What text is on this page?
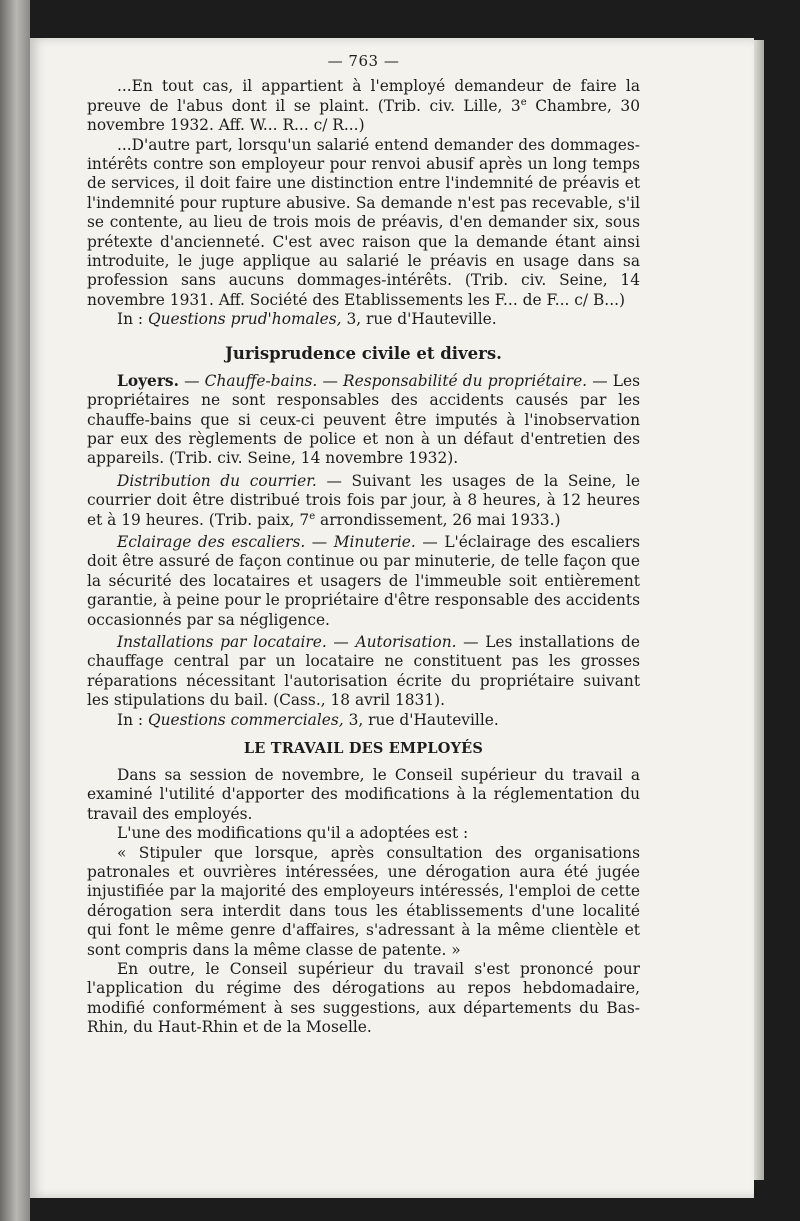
— 763 —

...En tout cas, il appartient à l'employé demandeur de faire la preuve de l'abus dont il se plaint. (Trib. civ. Lille, 3e Chambre, 30 novembre 1932. Aff. W... R... c/ R...)

...D'autre part, lorsqu'un salarié entend demander des dommages-intérêts contre son employeur pour renvoi abusif après un long temps de services, il doit faire une distinction entre l'indemnité de préavis et l'indemnité pour rupture abusive. Sa demande n'est pas recevable, s'il se contente, au lieu de trois mois de préavis, d'en demander six, sous prétexte d'ancienneté. C'est avec raison que la demande étant ainsi introduite, le juge applique au salarié le préavis en usage dans sa profession sans aucuns dommages-intérêts. (Trib. civ. Seine, 14 novembre 1931. Aff. Société des Etablissements les F... de F... c/ B...)

In : Questions prud'homales, 3, rue d'Hauteville.

Jurisprudence civile et divers.

Loyers. — Chauffe-bains. — Responsabilité du propriétaire. — Les propriétaires ne sont responsables des accidents causés par les chauffe-bains que si ceux-ci peuvent être imputés à l'inobservation par eux des règlements de police et non à un défaut d'entretien des appareils. (Trib. civ. Seine, 14 novembre 1932).

Distribution du courrier. — Suivant les usages de la Seine, le courrier doit être distribué trois fois par jour, à 8 heures, à 12 heures et à 19 heures. (Trib. paix, 7e arrondissement, 26 mai 1933.)

Eclairage des escaliers. — Minuterie. — L'éclairage des escaliers doit être assuré de façon continue ou par minuterie, de telle façon que la sécurité des locataires et usagers de l'immeuble soit entièrement garantie, à peine pour le propriétaire d'être responsable des accidents occasionnés par sa négligence.

Installations par locataire. — Autorisation. — Les installations de chauffage central par un locataire ne constituent pas les grosses réparations nécessitant l'autorisation écrite du propriétaire suivant les stipulations du bail. (Cass., 18 avril 1831).

In : Questions commerciales, 3, rue d'Hauteville.

LE TRAVAIL DES EMPLOYÉS

Dans sa session de novembre, le Conseil supérieur du travail a examiné l'utilité d'apporter des modifications à la réglementation du travail des employés.

L'une des modifications qu'il a adoptées est :

« Stipuler que lorsque, après consultation des organisations patronales et ouvrières intéressées, une dérogation aura été jugée injustifiée par la majorité des employeurs intéressés, l'emploi de cette dérogation sera interdit dans tous les établissements d'une localité qui font le même genre d'affaires, s'adressant à la même clientèle et sont compris dans la même classe de patente. »

En outre, le Conseil supérieur du travail s'est prononcé pour l'application du régime des dérogations au repos hebdomadaire, modifié conformément à ses suggestions, aux départements du Bas-Rhin, du Haut-Rhin et de la Moselle.
